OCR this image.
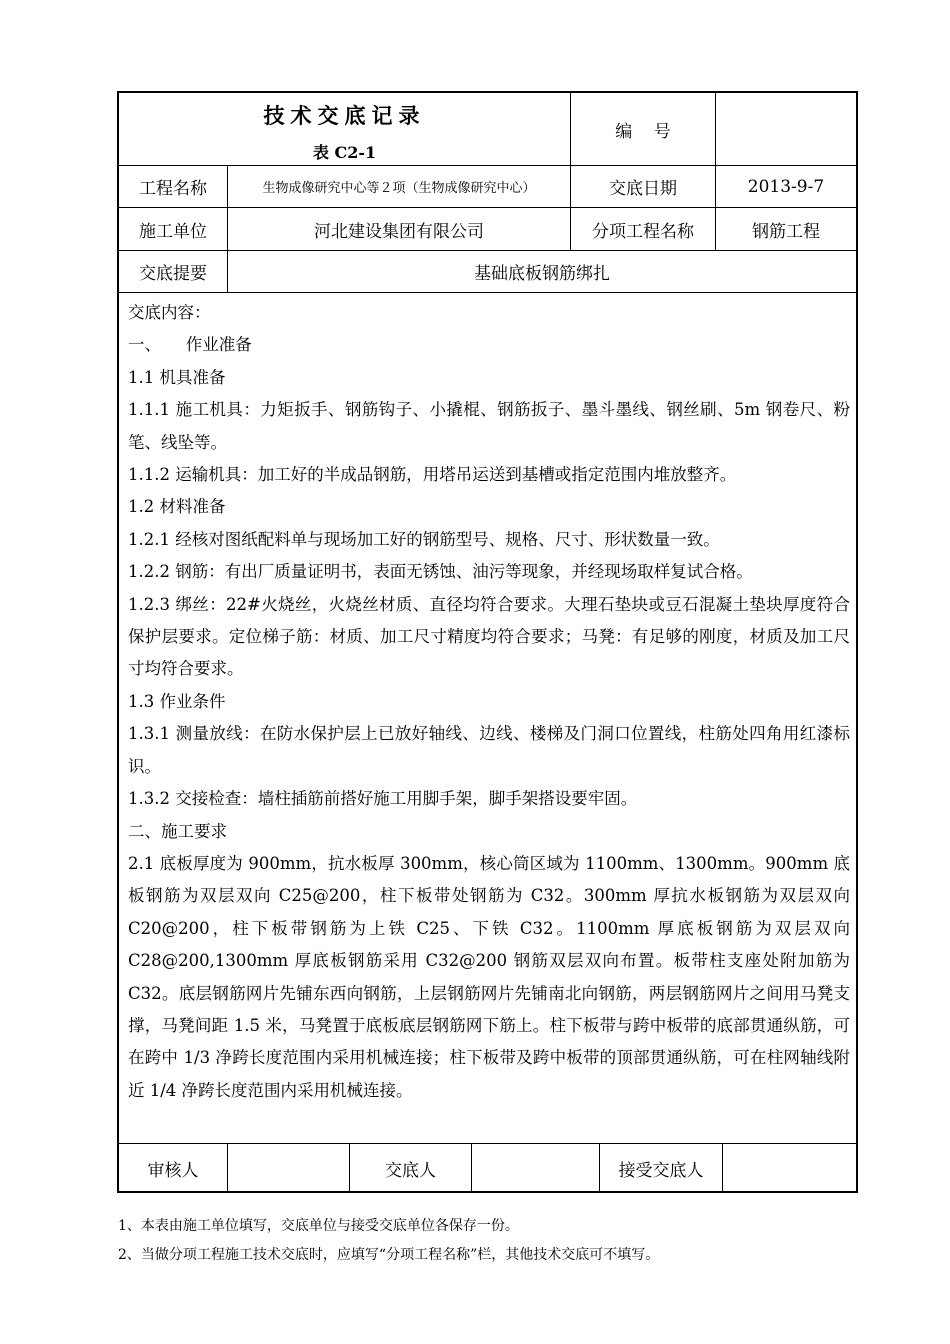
技术交底记录
表 C2-1
编    号
工程名称	生物成像研究中心等２项（生物成像研究中心）	交底日期	2013-9-7
施工单位	河北建设集团有限公司	分项工程名称	钢筋工程
交底提要	基础底板钢筋绑扎

交底内容：

一、　　作业准备

1.1 机具准备

1.1.1 施工机具：力矩扳手、钢筋钩子、小撬棍、钢筋扳子、墨斗墨线、钢丝刷、5m 钢卷尺、粉笔、线坠等。

1.1.2 运输机具：加工好的半成品钢筋，用塔吊运送到基槽或指定范围内堆放整齐。

1.2 材料准备

1.2.1 经核对图纸配料单与现场加工好的钢筋型号、规格、尺寸、形状数量一致。

1.2.2 钢筋：有出厂质量证明书，表面无锈蚀、油污等现象，并经现场取样复试合格。

1.2.3 绑丝：22#火烧丝，火烧丝材质、直径均符合要求。大理石垫块或豆石混凝土垫块厚度符合保护层要求。定位梯子筋：材质、加工尺寸精度均符合要求；马凳：有足够的刚度，材质及加工尺寸均符合要求。

1.3 作业条件

1.3.1 测量放线：在防水保护层上已放好轴线、边线、楼梯及门洞口位置线，柱筋处四角用红漆标识。

1.3.2 交接检查：墙柱插筋前搭好施工用脚手架，脚手架搭设要牢固。

二、施工要求

2.1 底板厚度为 900mm，抗水板厚 300mm，核心筒区域为 1100mm、1300mm。900mm 底板钢筋为双层双向 C25@200，柱下板带处钢筋为 C32。300mm 厚抗水板钢筋为双层双向 C20@200，柱下板带钢筋为上铁 C25、下铁 C32。1100mm 厚底板钢筋为双层双向 C28@200,1300mm 厚底板钢筋采用 C32@200 钢筋双层双向布置。板带柱支座处附加筋为 C32。底层钢筋网片先铺东西向钢筋，上层钢筋网片先铺南北向钢筋，两层钢筋网片之间用马凳支撑，马凳间距 1.5 米，马凳置于底板底层钢筋网下筋上。柱下板带与跨中板带的底部贯通纵筋，可在跨中 1/3 净跨长度范围内采用机械连接；柱下板带及跨中板带的顶部贯通纵筋，可在柱网轴线附近 1/4 净跨长度范围内采用机械连接。

审核人	交底人	接受交底人

1、本表由施工单位填写，交底单位与接受交底单位各保存一份。

2、当做分项工程施工技术交底时，应填写“分项工程名称”栏，其他技术交底可不填写。
